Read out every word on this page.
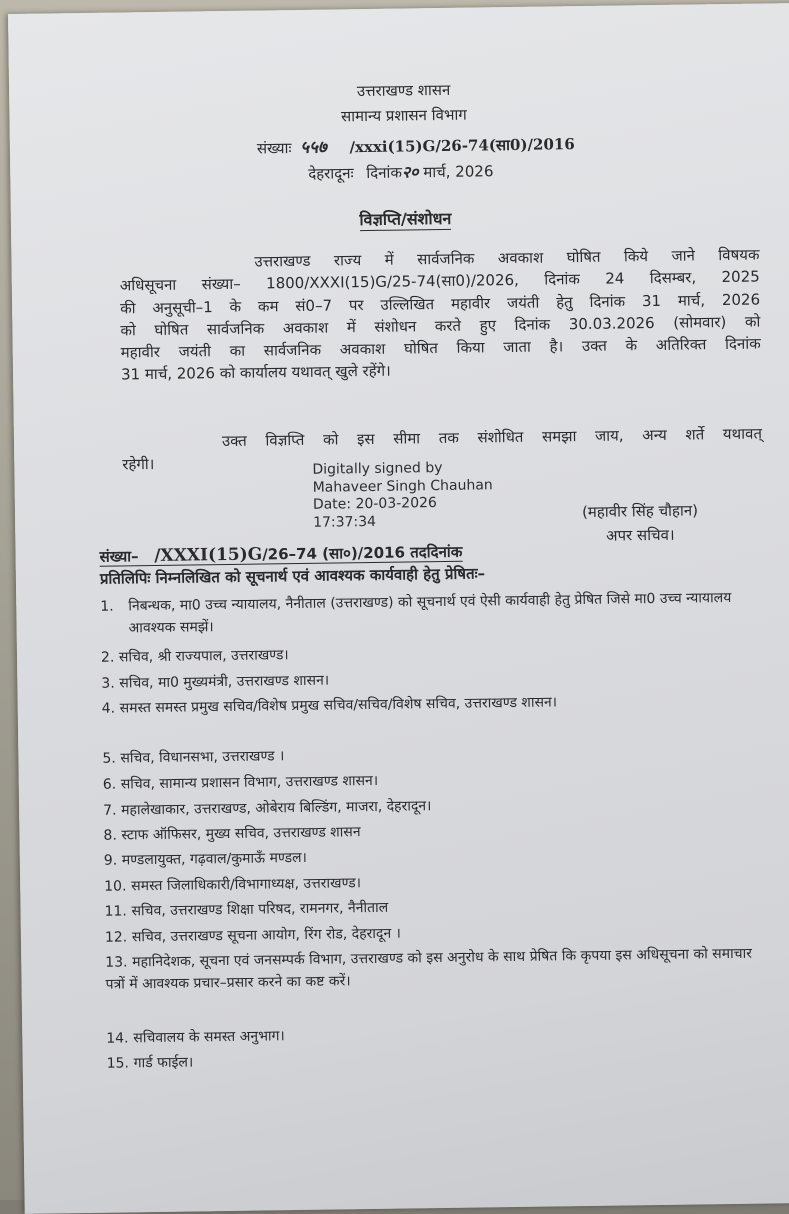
उत्तराखण्ड शासन
सामान्य प्रशासन विभाग
संख्याः ५५७ /xxxi(15)G/26-74(सा0)/2016
देहरादूनः दिनांक२० मार्च, 2026
विज्ञप्ति/संशोधन
उत्तराखण्ड राज्य में सार्वजनिक अवकाश घोषित किये जाने विषयक
अधिसूचना संख्या– 1800/XXXI(15)G/25-74(सा0)/2026, दिनांक 24 दिसम्बर, 2025
की अनुसूची–1 के कम सं0–7 पर उल्लिखित महावीर जयंती हेतु दिनांक 31 मार्च, 2026
को घोषित सार्वजनिक अवकाश में संशोधन करते हुए दिनांक 30.03.2026 (सोमवार) को
महावीर जयंती का सार्वजनिक अवकाश घोषित किया जाता है। उक्त के अतिरिक्त दिनांक
31 मार्च, 2026 को कार्यालय यथावत् खुले रहेंगे।
उक्त विज्ञप्ति को इस सीमा तक संशोधित समझा जाय, अन्य शर्ते यथावत्
रहेगी।	Digitally signed by
Mahaveer Singh Chauhan
Date: 20-03-2026
17:37:34
(महावीर सिंह चौहान)
अपर सचिव।
संख्या– /XXXI(15)G/26–74 (सा०)/2016 तददिनांक
प्रतिलिपिः निम्नलिखित को सूचनार्थ एवं आवश्यक कार्यवाही हेतु प्रेषितः–
1. निबन्धक, मा0 उच्च न्यायालय, नैनीताल (उत्तराखण्ड) को सूचनार्थ एवं ऐसी कार्यवाही हेतु प्रेषित जिसे मा0 उच्च न्यायालय आवश्यक समझें।
2. सचिव, श्री राज्यपाल, उत्तराखण्ड।
3. सचिव, मा0 मुख्यमंत्री, उत्तराखण्ड शासन।
4. समस्त समस्त प्रमुख सचिव/विशेष प्रमुख सचिव/सचिव/विशेष सचिव, उत्तराखण्ड शासन।
5. सचिव, विधानसभा, उत्तराखण्ड ।
6. सचिव, सामान्य प्रशासन विभाग, उत्तराखण्ड शासन।
7. महालेखाकार, उत्तराखण्ड, ओबेराय बिल्डिंग, माजरा, देहरादून।
8. स्टाफ ऑफिसर, मुख्य सचिव, उत्तराखण्ड शासन
9. मण्डलायुक्त, गढ़वाल/कुमाऊँ मण्डल।
10. समस्त जिलाधिकारी/विभागाध्यक्ष, उत्तराखण्ड।
11. सचिव, उत्तराखण्ड शिक्षा परिषद, रामनगर, नैनीताल
12. सचिव, उत्तराखण्ड सूचना आयोग, रिंग रोड, देहरादून ।
13. महानिदेशक, सूचना एवं जनसम्पर्क विभाग, उत्तराखण्ड को इस अनुरोध के साथ प्रेषित कि कृपया इस अधिसूचना को समाचार पत्रों में आवश्यक प्रचार–प्रसार करने का कष्ट करें।
14. सचिवालय के समस्त अनुभाग।
15. गार्ड फाईल।
